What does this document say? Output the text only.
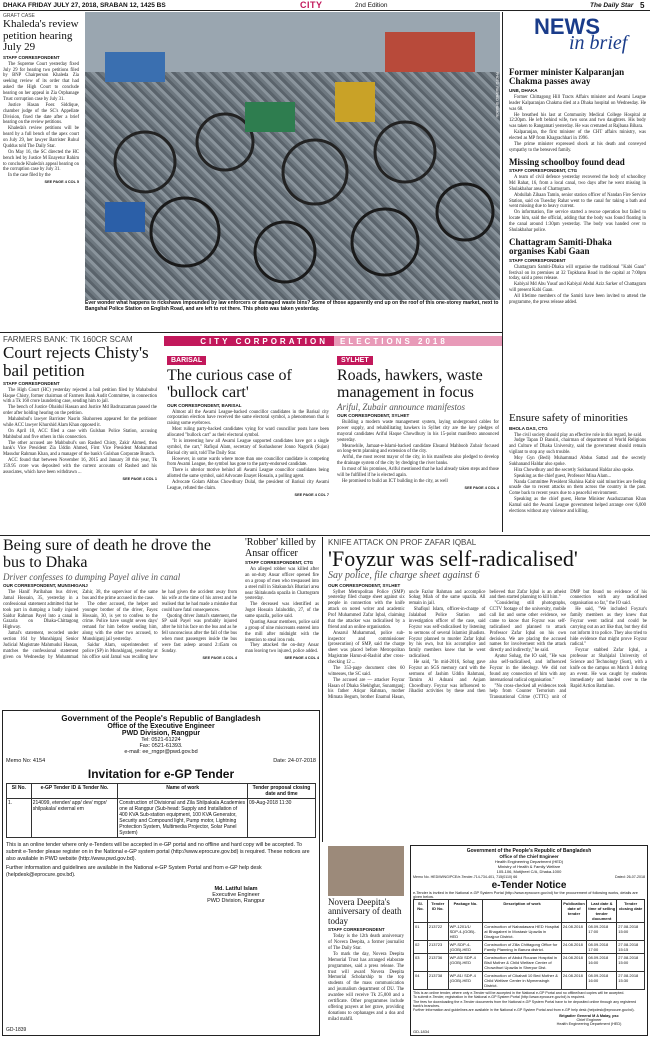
DHAKA FRIDAY JULY 27, 2018, SRABAN 12, 1425 BS	CITY	2nd Edition	The Daily Star 5
GRAFT CASE
Khaleda's review petition hearing July 29
STAFF CORRESPONDENT

The Supreme Court yesterday fixed July 29 for hearing two petitions filed by BNP Chairperson Khaleda Zia seeking review of its order that had asked the High Court to conclude hearing on her appeal in Zia Orphanage Trust corruption case by July 31.

Justice Hasan Foez Siddique, chamber judge of the SC's Appellate Division, fixed the date after a brief hearing on the review petitions.

Khaleda's review petitions will be heard by a full bench of the apex court on July 29, her lawyer Barrister Ruhul Quddus told The Daily Star.

On May 16, the SC directed the HC bench led by Justice M Enayetur Rahim to conclude Khaleda's appeal hearing on the corruption case by July 31.

In the case filed by the

SEE PAGE 4 COL 5
PHOTO: RASHED SHUMON
Ever wonder what happens to rickshaws impounded by law enforcers or damaged waste bins? Some of those apparently end up on the roof of this one-storey market, next to Bangshal Police Station on English Road, and are left to rot there. This photo was taken yesterday.
NEWS
in brief
Former minister Kalparanjan Chakma passes away
UNB, DHAKA

Former Chittagong Hill Tracts Affairs minister and Awami League leader Kalparanjan Chakma died at a Dhaka hospital on Wednesday. He was 68.

He breathed his last at Community Medical College Hospital at 12:20pm. He left behind wife, two sons and two daughters. His body was taken to Rangamati yesterday. He was cremated at Rajbana Bihara.

Kalparanjan, the first minister of the CHT affairs ministry, was elected as MP from Khagrachhari in 1996.

The prime minister expressed shock at his death and conveyed sympathy to the bereaved family.

Missing schoolboy found dead
STAFF CORRESPONDENT, CTG

A team of civil defence yesterday recovered the body of schoolboy Md Rahat, 16, from a local canal, two days after he went missing in Shulakbahar area of Chattogram.

Abdullah Zihaan Tamin, senior station officer of Nandan Fire Service Station, said on Tuesday Rahat went to the canal for taking a bath and went missing due to heavy current.

On information, fire service started a rescue operation but failed to locate him, said the official, adding that the body was found floating in the canal around 1:30pm yesterday. The body was handed over to Shulakbahar police.

Chattagram Samiti-Dhaka organises Kabi Gaan
STAFF CORRESPONDENT

Chattagram Samiti-Dhaka will organise the traditional "Kabi Gaan" festival on its premises at 32 Topkhana Road in the capital at 7:00pm today, said a press release.

Kabiyal Md Abu Yusuf and Kabiyal Abdul Aziz Sarker of Chattagram will present Kabi Gaan.

All lifetime members of the Samiti have been invited to attend the programme, the press release added.

FARMERS BANK: TK 160CR SCAM
Court rejects Chisty's bail petition
STAFF CORRESPONDENT

The High Court (HC) yesterday rejected a bail petition filed by Mahabubul Haque Chisty, former chairman of Farmers Bank Audit Committee, in connection with a Tk 160 crore laundering case, sending him to jail.

The bench of Justice Obaidul Hassan and Justice Md Badruzzaman passed the order after holding hearing on the petition.

Mahabubul's lawyer Barrister Nasrin Shahoreen appeared for the petitioner while ACC lawyer Khurshid Alam Khan opposed it.

On April 10, ACC filed a case with Gulshan Police Station, accusing Mahbubul and five others in this connection.

The other accused are Mahbubul's son Rashed Chisty, Zakir Ahmed, then bank's Vice President Zia Uddin Ahmed, First Vice President Mohammad Masudur Rahman Khan, and a manager of the bank's Gulshan Corporate Branch.

ACC found that between November 16, 2015 and January 30 this year, Tk 159.95 crore was deposited with the current accounts of Rashed and his associates, which have been withdrawn ...

SEE PAGE 4 COL 1
CITY CORPORATION	ELECTIONS 2018
BARISAL
The curious case of 'bullock cart'
OUR CORRESPONDENT, BARISAL

Almost all the Awami League-backed councillor candidates in the Barisal city corporation election have received the same electoral symbol, a phenomenon that is raising some eyebrows.

Most ruling party-backed candidates vying for ward councillor posts have been allocated "bullock cart" as their electoral symbol.

"It is interesting how all Awami League supported candidates have got a single symbol, the cart," Rafiqul Alam, secretary of Sushashoner Jonno Nagorik (Sujan) Barisal city unit, told The Daily Star.

However, in some wards where more than one councillor candidate is competing from Awami League, the symbol has gone to the party-endorsed candidate.

There is ulterior motive behind all Awami League councillor candidates being allotted the same symbol, said Advocate Enayet Hossain, a polling agent.

Advocate Golam Abbas Chowdhury Dulal, the president of Barisal city Awami League, refuted the claim.

SEE PAGE 4 COL 7
SYLHET
Roads, hawkers, waste management in focus
Ariful, Zubair announce manifestos
OUR CORRESPONDENT, SYLHET

Building a modern waste management system, laying underground cables for power supply, and rehabilitating hawkers in Sylhet city are the key pledges of mayoral candidates Ariful Haque Chowdhury in his 15-point manifesto announced yesterday.

Meanwhile, Jamaat-e-Islami-backed candidate Ehsanul Mahboob Zubair focused on long-term planning and extension of the city.

Ariful, the most recent mayor of the city, in his manifesto also pledged to develop the drainage system of the city by dredging the river banks.

In most of his promises, Ariful mentioned that he had already taken steps and those will be fulfilled if he is elected again.

He promised to build an ICT building in the city, as well

SEE PAGE 4 COL 4
Ensure safety of minorities
BHOLA DAS, CTG

The civil society should play an effective role in this regard, he said.

Judge Tapan D Bansiri, chairman of department of World Religions and Culture of Dhaka University, said the government should remain vigilant to stop any such trouble.

Moy Gyn (Bedi) Muhammad Abdus Sattad and the secretly Sukhanand Haldar also spoke.

Hira Chowdhury and the secretly Sukhanand Haldar also spoke.

Speaking as the chief guest, Professor Mina Alam...

Nanda Committee President Shahina Kabir said minorities are feeling unsafe due to recent attacks on them across the country in the past. Come back to recent years due to a peaceful environment.

Speaking as the chief guest, Home Minister Asaduzzaman Khan Kamal said the Awami League government helped arrange over 6,000 elections without any violence and killing.

Being sure of death he drove the bus to Dhaka
Driver confesses to dumping Payel alive in canal
OUR CORRESPONDENT, MUNSHIGANJ

The Hanif Paribahan bus driver, Jamal Hossain, 35, yesterday in a confessional statement admitted that he took part in dumping a badly injured Saidur Rahman Payel into a canal in Gazaria on Dhaka-Chittagong Highway.

Jamal's statement, recorded under section 164 by Munshiganj Senior Judicial Magistrate Mahmudul Hassan, matches the confessional statement given on Wednesday by Mohammad Zahir, 38, the supervisor of the same bus and the prime accused in the case.

The other accused, the helper and younger brother of the driver, Fayez Hossain, 30, is yet to confess to the crime. Police have sought seven days' remand for him before sending him, along with the other two accused, to Munshiganj jail yesterday.

Saidur Alam, superintendent of police (SP) in Munshiganj, yesterday at his office said Jamal was recalling how he had given the accident away from his wife at the time of his arrest and he realised that he had made a mistake that could have fatal consequences.

Quoting driver Jamal's statement, the SP said Payel was probably injured after he hit his face on the bus and as he fell unconscious after the fall of the bus when most passengers inside the bus were fast asleep around 2:45am on Sunday.

SEE PAGE 4 COL 4
'Robber' killed by Ansar officer
STAFF CORRESPONDENT, CTG

An alleged robber was killed after an on-duty Ansar officer opened fire on a group of men who trespassed into a steel mill in Sitakunda's Bhatiari area near Shitakunda upazila in Chattogram yesterday.

The deceased was identified as Jogot Hossain Jalaluddin, 27, of the same upazila, police said.

Quoting Ansar members, police said a group of nine miscreants entered into the mill after midnight with the intention to steal iron rods.

They attacked the on-duty Ansar man leaving two injured, police added.

SEE PAGE 4 COL 4
KNIFE ATTACK ON PROF ZAFAR IQBAL
'Foyzur was self-radicalised'
Say police, file charge sheet against 6
OUR CORRESPONDENT, SYLHET

Sylhet Metropolitan Police (SMP) yesterday filed charge sheet against six people in connection with the knife attack on noted writer and academic Prof Muhammed Zafar Iqbal, claiming that the attacker was radicalised by a friend and an online organisation.

Ansarul Muhammad, police sub-inspector and commissioner (prosecution) of SMP, said the charge sheet was placed before Metropolitan Magistrate Harun-al-Rashid after cross-checking 12 ...

The 353-page document cites 60 witnesses, the SC said.

The accused are — attacker Foyzur Hasan of Dhaka Shekhghat, Sunamganj; his father Atiqur Rahman, mother Mimata Begum, brother Enamul Hasan, uncle Fazlur Rahman and accomplice Sohag Miah of the same upazila. All remain in jail.

Shafiqul Islam, officer-in-charge of Jalalabad Police Station and investigation officer of the case, said Foyzur was self-radicalised by listening to sermons of several Islamist jihadists. Foyzur planned to murder Zafar Iqbal by his own, but his accomplice and family members knew that he went radicalised.

He said, "In mid-2016, Sohag gave Foyzur an SGS memory card with the sermons of Jashim Uddin Rahmani, Tamim Al Adnani and Anjam Chowdhury. Foyzur was influenced to Jihadist activities by these and then believed that Zafar Iqbal is an atheist and then started planning to kill him."

"Considering still photographs, CCTV footage of the university, mobile call list and some other evidence, we came to know that Foyzur was self-radicalised and planned to attack Professor Zafar Iqbal on his own decision. We are placing the accused names for involvement with the attack directly and indirectly," he said.

Ayatur Sohag, the IO said, "He was also self-radicalised, and influenced Foyzur in the ideology. We did not found any connection of him with any international radical organisation."

"No cross-checked all evidences took help from Counter Terrorism and Transnational Crime (CTTC) unit of DMP but found no evidence of his connection with any radicalised organisation so far," the IO said.

He said, "We included Foyzur's family members as they knew that Foyzur went radical and could be carrying out an act like that, but they did not inform it to police. They also tried to hide evidence that might prove Foyzur radical."

Foyzur stabbed Zafar Iqbal, a professor at Shahjalal University of Science and Technology (Sust), with a knife on the campus on March 3 during an event. He was caught by students immediately and handed over to the Rapid Action Battalion.

Government of the People's Republic of Bangladesh
Office of the Executive Engineer
PWD Division, Rangpur
Tel: 0521-61224
Fax: 0521-61393.
e-mail: ee_rngpr@pwd.gov.bd
Memo No: 4154	Date: 24-07-2018
Invitation for e-GP Tender
Sl No.	e-GP Tender ID & Tender No.	Name of work	Tender proposal closing date and time
1.	214099, etender/ app/ dev/ mgpr/ shilpakala/ external em	Construction of Divisional and Zila Shilpakala Academies one at Rangpur (Sub-head: Supply and Installation of 400 KVA Sub-station equipment, 100 KVA Generator, Security and Compound light, Pump motor, Lightning Protection System, Multimedia Projector, Solar Panel System)	09-Aug-2018 11:30
This is an online tender where only e-Tenders will be accepted in e-GP portal and no offline and hard copy will be accepted. To submit e-Tender please register on in the National e-GP system portal (http://www.eprocure.gov.bd) is required. These notices are also available in PWD website (http://www.pwd.gov.bd).
Further information and guidelines are available in the National e-GP System Portal and from e-GP help desk (helpdesk@eprocure.gov.bd).
Md. Latiful Islam
Executive Engineer
PWD Division, Rangpur
GD-1839
Novera Deepita's anniversary of death today
STAFF CORRESPONDENT

Today is the 12th death anniversary of Novera Deepita, a former journalist of The Daily Star.

To mark the day, Novera Deepita Memorial Trust has arranged elaborate programmes, said a press release. The trust will award Novera Deepita Memorial Scholarship to the top students of the mass communication and journalism department of DU. The awardee will receive Tk 25,000 and a certificate. Other programmes include offering prayers at her grave, providing donations to orphanages and a doa and milad mahfil.

Government of the People's Republic of Bangladesh
Office of the Chief Engineer
Health Engineering Department (HED)
Ministry of Health & Family Welfare
105-106, Motijheel C/A, Dhaka-1000
Memo No. HED/WING/PCE/e-Tender-714-734-401, 715(0110) 66	Dated: 26-07-2018
e-Tender Notice
e-Tender is invited in the National e-GP System Portal (http://www.eprocure.gov.bd) for the procurement of following works, details are given below.
Sl. No.	Tender ID No.	Package No.	Description of work	Publication date of tender	Last date & time of selling tender document	Tender closing date
01	213722	WP-1201/1/ SDP-4-(GOB)-HED	Construction of Nabadasara HED Hospital at Bhagaberi in Mostasir Upazila in Dinajpur District.	24.08.2018	08.09.2018 17:00	27.08.2018 15:00
02	213723	WP-SDP-4-(GOB)-HED	Construction of Zilla Chittagong Office for Family Planning in Barura district.	24.08.2018	08.09.2018 17:00	27.08.2018 15:15
03	213736	WP-83/ SDP-4 (GOB)-HED	Construction of Abdul Rouzan Hospital in Bisil Mother & Child Welfare Center of Chowdhuri Upazila in Sherpur Dist.	24.08.2018	08.09.2018 16:00	27.08.2018 15:00
04	213738	WP-81/ SDP-4 (GOB)-HED	Construction of Cikahati 10 Bed Mother & Child Welfare Center in Mymensingh District.	24.08.2018	08.09.2018 16:00	27.08.2018 15:30
This is an online tender, where only e-Tender will be accepted in the National e-GP Portal and no offline/hard copies will be accepted.
To submit e-Tender, registration in the National e-GP System Portal (http://www.eprocure.gov.bd) is required.
The fees for downloading the e-Tender documents from the National e-GP System Portal have to be deposited online through any registered bank's branches.
Further information and guidelines are available in the National e-GP System Portal and from e-GP help desk (helpdesk@eprocure.gov.bd).
Brigadier General M A Malay, psc
Chief Engineer
Health Engineering Department (HED)
GD-1834
